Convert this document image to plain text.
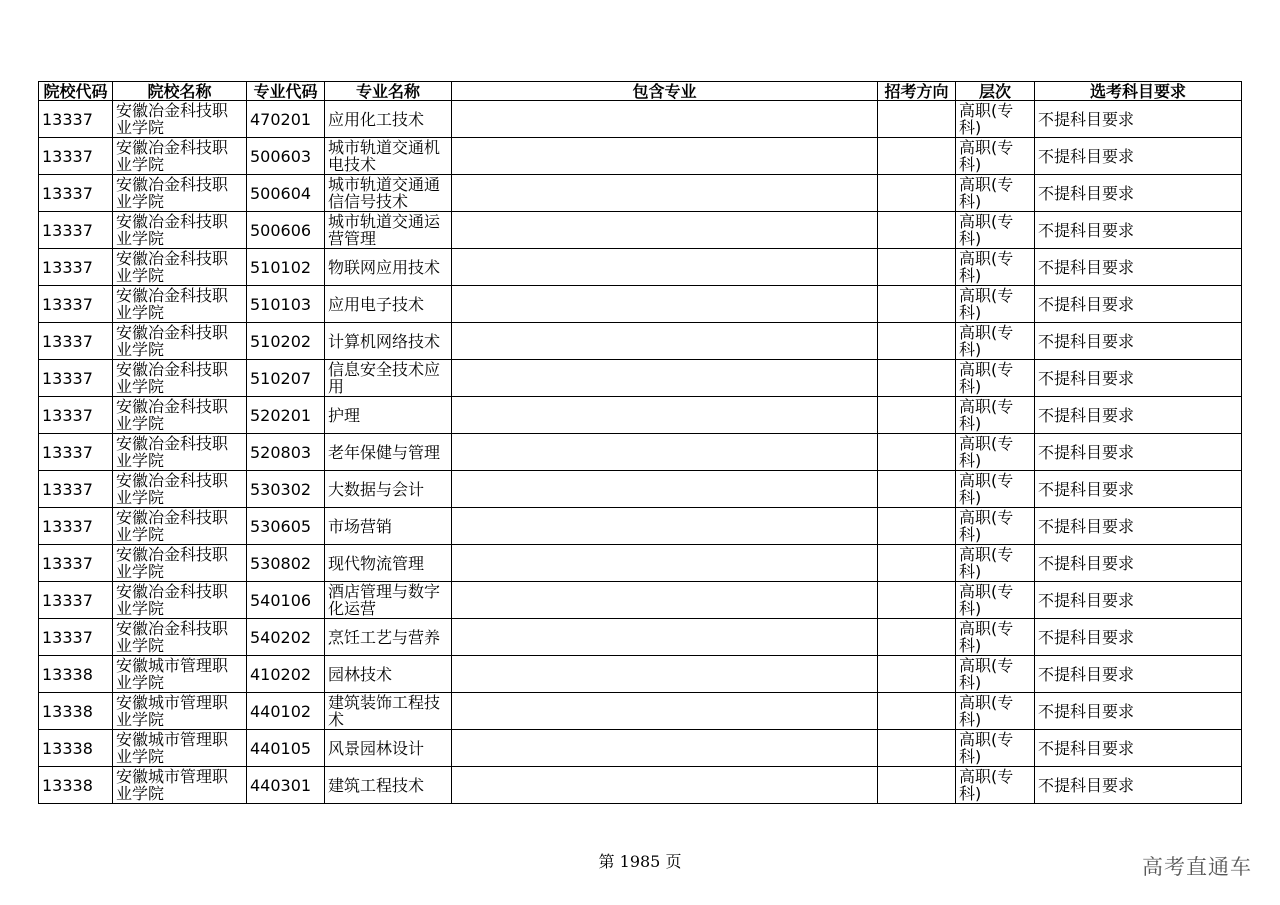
院校代码	院校名称	专业代码	专业名称	包含专业	招考方向	层次	选考科目要求
13337	安徽冶金科技职业学院	470201	应用化工技术			高职(专科)	不提科目要求
13337	安徽冶金科技职业学院	500603	城市轨道交通机电技术			高职(专科)	不提科目要求
13337	安徽冶金科技职业学院	500604	城市轨道交通通信信号技术			高职(专科)	不提科目要求
13337	安徽冶金科技职业学院	500606	城市轨道交通运营管理			高职(专科)	不提科目要求
13337	安徽冶金科技职业学院	510102	物联网应用技术			高职(专科)	不提科目要求
13337	安徽冶金科技职业学院	510103	应用电子技术			高职(专科)	不提科目要求
13337	安徽冶金科技职业学院	510202	计算机网络技术			高职(专科)	不提科目要求
13337	安徽冶金科技职业学院	510207	信息安全技术应用			高职(专科)	不提科目要求
13337	安徽冶金科技职业学院	520201	护理			高职(专科)	不提科目要求
13337	安徽冶金科技职业学院	520803	老年保健与管理			高职(专科)	不提科目要求
13337	安徽冶金科技职业学院	530302	大数据与会计			高职(专科)	不提科目要求
13337	安徽冶金科技职业学院	530605	市场营销			高职(专科)	不提科目要求
13337	安徽冶金科技职业学院	530802	现代物流管理			高职(专科)	不提科目要求
13337	安徽冶金科技职业学院	540106	酒店管理与数字化运营			高职(专科)	不提科目要求
13337	安徽冶金科技职业学院	540202	烹饪工艺与营养			高职(专科)	不提科目要求
13338	安徽城市管理职业学院	410202	园林技术			高职(专科)	不提科目要求
13338	安徽城市管理职业学院	440102	建筑装饰工程技术			高职(专科)	不提科目要求
13338	安徽城市管理职业学院	440105	风景园林设计			高职(专科)	不提科目要求
13338	安徽城市管理职业学院	440301	建筑工程技术			高职(专科)	不提科目要求
第 1985 页	高考直通车
